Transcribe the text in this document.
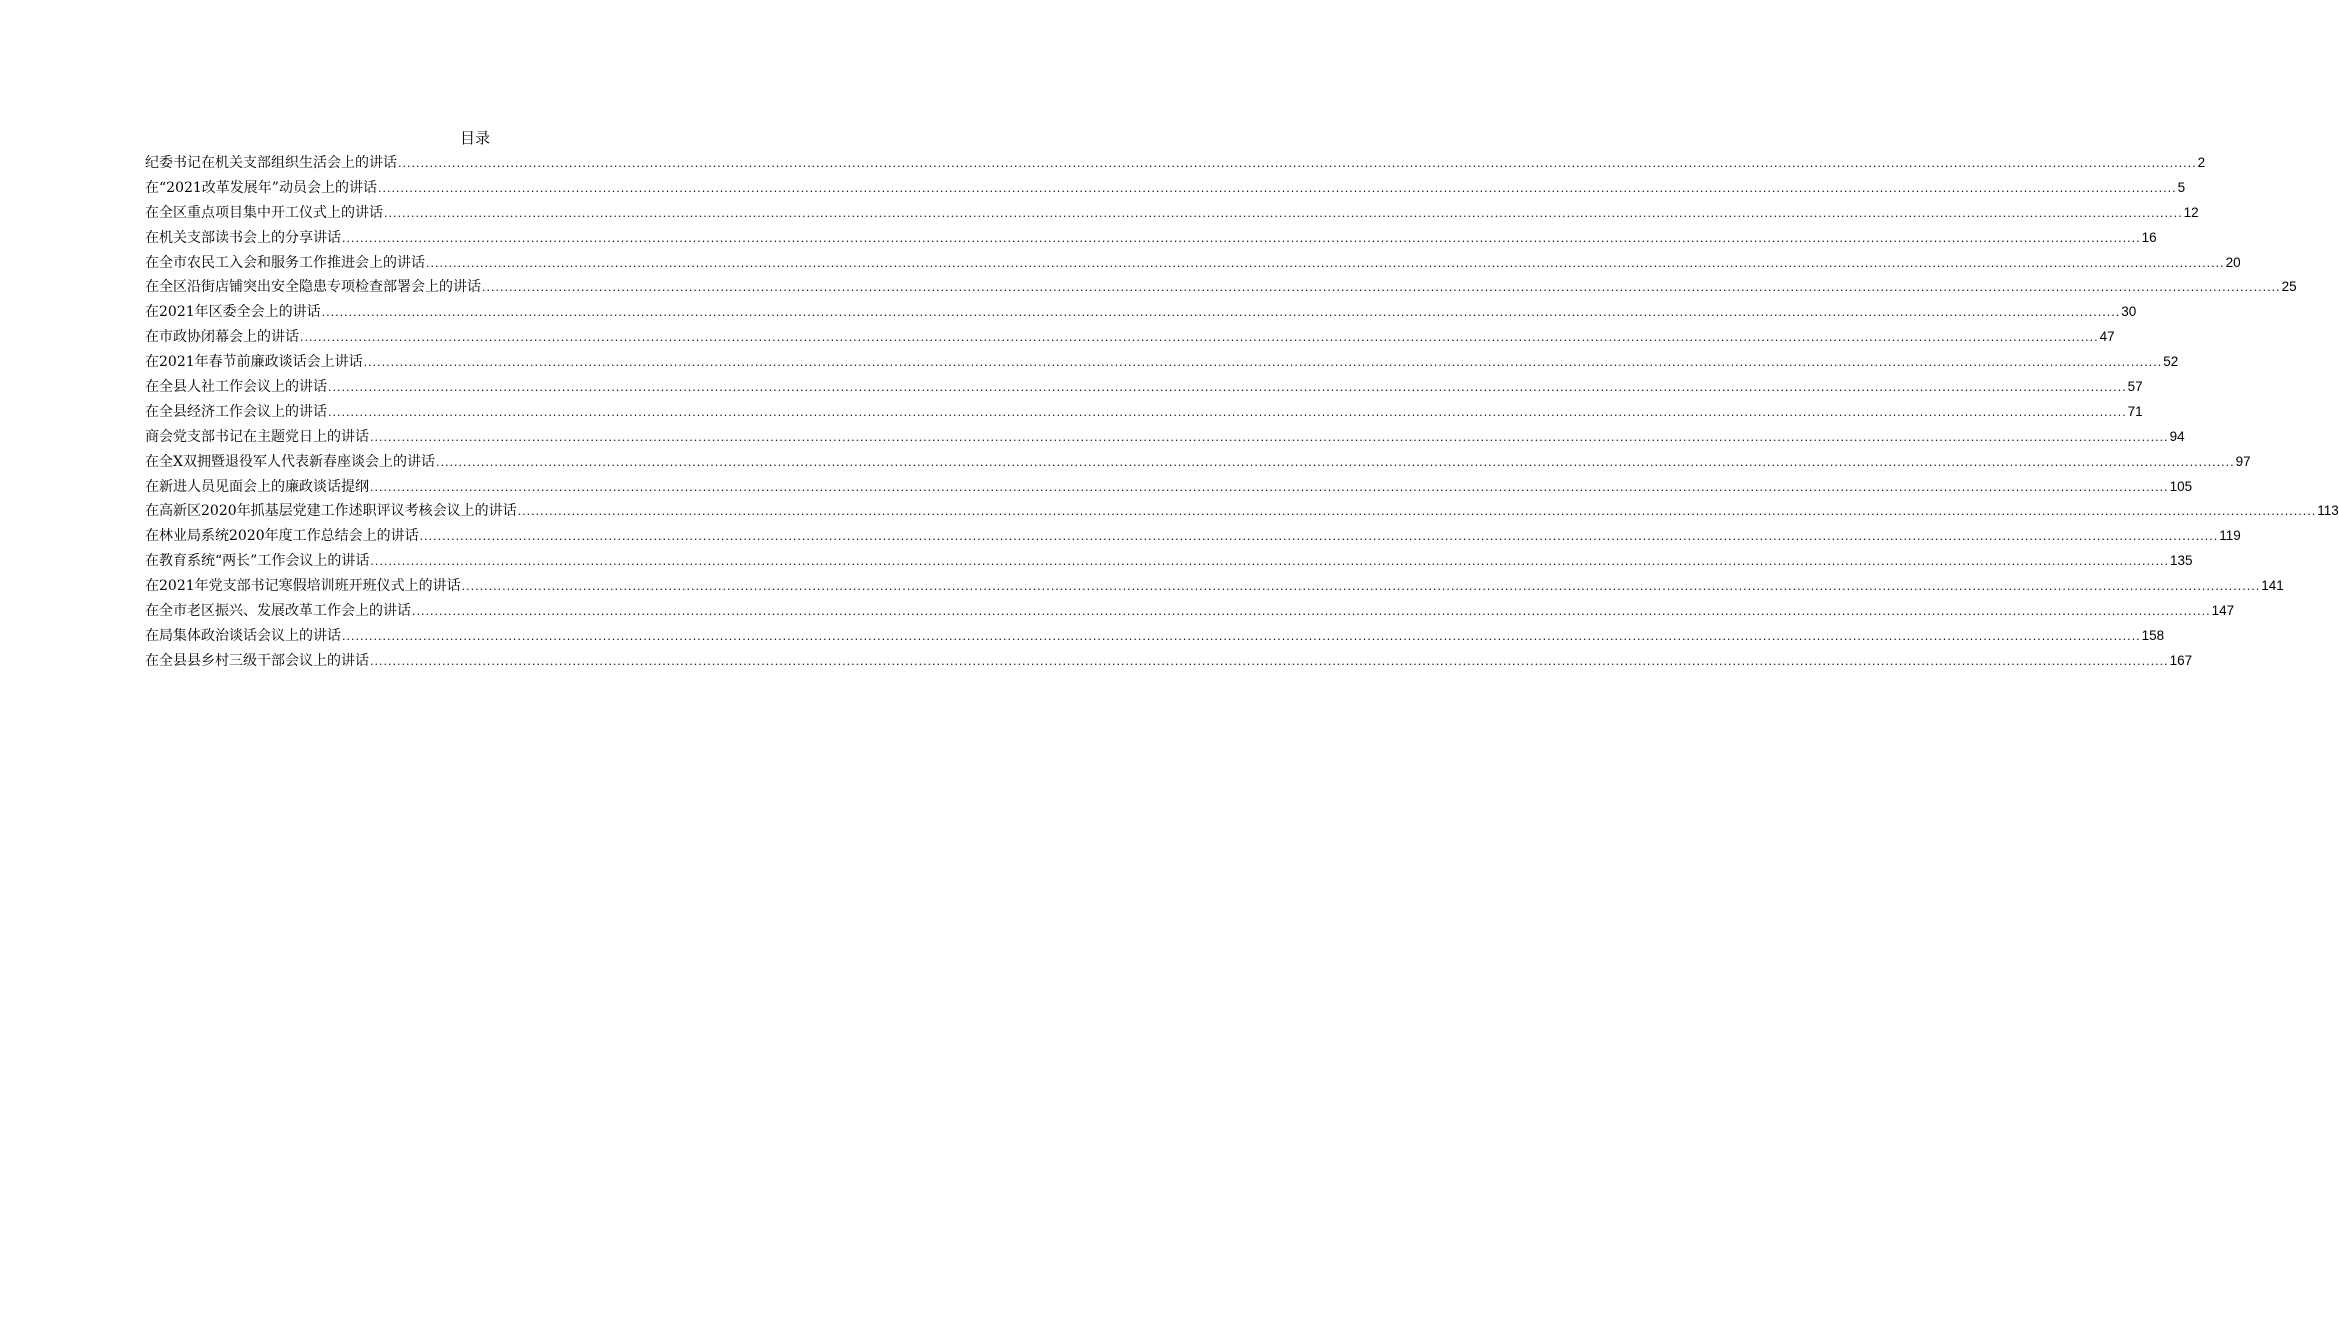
目录
纪委书记在机关支部组织生活会上的讲话 ................................................................................................................................................................................................................................................................................................................................................................................................................ 2
在“2021改革发展年”动员会上的讲话 ................................................................................................................................................................................................................................................................................................................................................................................................................ 5
在全区重点项目集中开工仪式上的讲话 ................................................................................................................................................................................................................................................................................................................................................................................................................ 12
在机关支部读书会上的分享讲话 ................................................................................................................................................................................................................................................................................................................................................................................................................ 16
在全市农民工入会和服务工作推进会上的讲话 ................................................................................................................................................................................................................................................................................................................................................................................................................ 20
在全区沿街店铺突出安全隐患专项检查部署会上的讲话 ................................................................................................................................................................................................................................................................................................................................................................................................................ 25
在2021年区委全会上的讲话 ................................................................................................................................................................................................................................................................................................................................................................................................................ 30
在市政协闭幕会上的讲话 ................................................................................................................................................................................................................................................................................................................................................................................................................ 47
在2021年春节前廉政谈话会上讲话 ................................................................................................................................................................................................................................................................................................................................................................................................................ 52
在全县人社工作会议上的讲话 ................................................................................................................................................................................................................................................................................................................................................................................................................ 57
在全县经济工作会议上的讲话 ................................................................................................................................................................................................................................................................................................................................................................................................................ 71
商会党支部书记在主题党日上的讲话 ................................................................................................................................................................................................................................................................................................................................................................................................................ 94
在全X双拥暨退役军人代表新春座谈会上的讲话 ................................................................................................................................................................................................................................................................................................................................................................................................................ 97
在新进人员见面会上的廉政谈话提纲 ................................................................................................................................................................................................................................................................................................................................................................................................................ 105
在高新区2020年抓基层党建工作述职评议考核会议上的讲话 ................................................................................................................................................................................................................................................................................................................................................................................................................ 113
在林业局系统2020年度工作总结会上的讲话 ................................................................................................................................................................................................................................................................................................................................................................................................................ 119
在教育系统“两长”工作会议上的讲话 ................................................................................................................................................................................................................................................................................................................................................................................................................ 135
在2021年党支部书记寒假培训班开班仪式上的讲话 ................................................................................................................................................................................................................................................................................................................................................................................................................ 141
在全市老区振兴、发展改革工作会上的讲话 ................................................................................................................................................................................................................................................................................................................................................................................................................ 147
在局集体政治谈话会议上的讲话 ................................................................................................................................................................................................................................................................................................................................................................................................................ 158
在全县县乡村三级干部会议上的讲话 ................................................................................................................................................................................................................................................................................................................................................................................................................ 167
